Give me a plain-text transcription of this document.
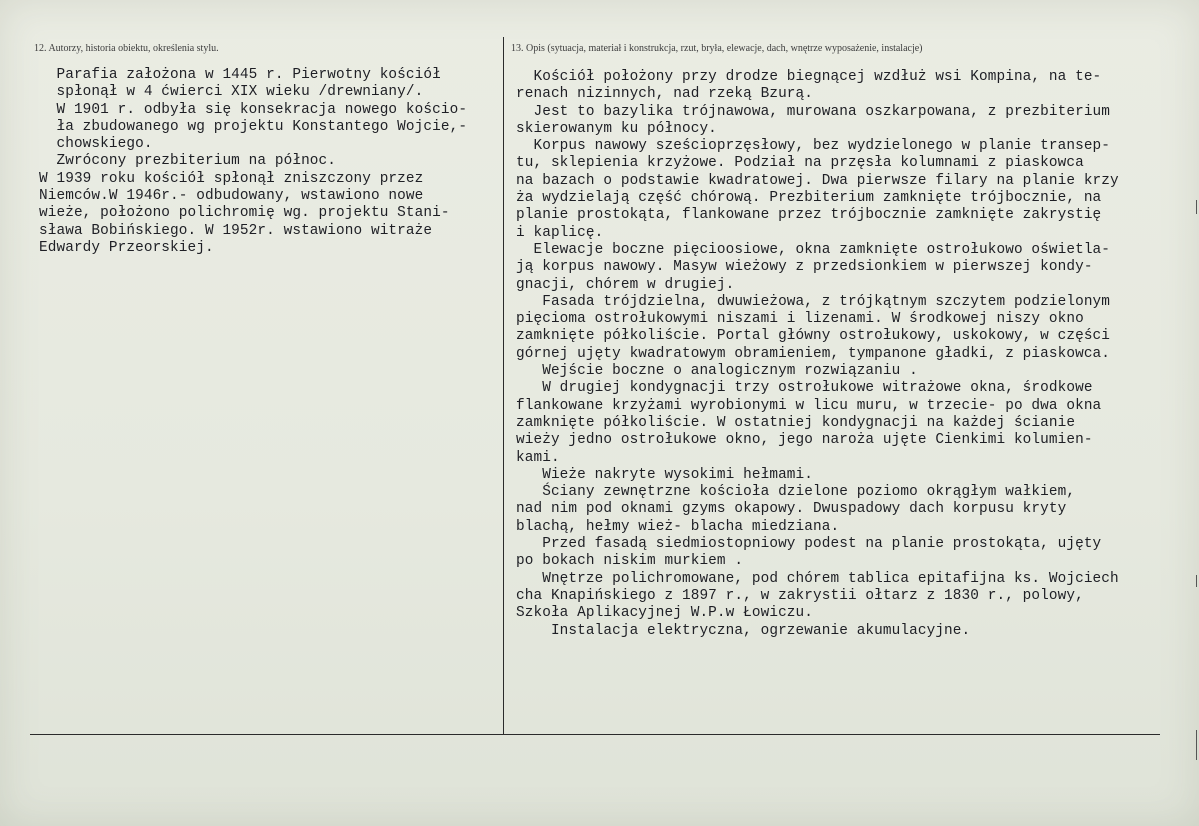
12. Autorzy, historia obiektu, określenia stylu.	13. Opis (sytuacja, materiał i konstrukcja, rzut, bryła, elewacje, dach, wnętrze wyposażenie, instalacje)
Parafia założona w 1445 r. Pierwotny kościół
spłonął w 4 ćwierci XIX wieku /drewniany/.
W 1901 r. odbyła się konsekracja nowego kościo-
ła zbudowanego wg projektu Konstantego Wojcie,-
chowskiego.
Zwrócony prezbiterium na północ.
W 1939 roku kościół spłonął zniszczony przez
Niemców.W 1946r.- odbudowany, wstawiono nowe
wieże, położono polichromię wg. projektu Stani-
sława Bobińskiego. W 1952r. wstawiono witraże
Edwardy Przeorskiej.
Kościół położony przy drodze biegnącej wzdłuż wsi Kompina, na te-
renach nizinnych, nad rzeką Bzurą.
Jest to bazylika trójnawowa, murowana oszkarpowana, z prezbiterium
skierowanym ku północy.
Korpus nawowy sześcioprzęsłowy, bez wydzielonego w planie transep-
tu, sklepienia krzyżowe. Podział na przęsła kolumnami z piaskowca
na bazach o podstawie kwadratowej. Dwa pierwsze filary na planie krzy
ża wydzielają część chórową. Prezbiterium zamknięte trójbocznie, na
planie prostokąta, flankowane przez trójbocznie zamknięte zakrystię
i kaplicę.
Elewacje boczne pięcioosiowe, okna zamknięte ostrołukowo oświetla-
ją korpus nawowy. Masyw wieżowy z przedsionkiem w pierwszej kondy-
gnacji, chórem w drugiej.
Fasada trójdzielna, dwuwieżowa, z trójkątnym szczytem podzielonym
pięcioma ostrołukowymi niszami i lizenami. W środkowej niszy okno
zamknięte półkoliście. Portal główny ostrołukowy, uskokowy, w części
górnej ujęty kwadratowym obramieniem, tympanone gładki, z piaskowca.
Wejście boczne o analogicznym rozwiązaniu .
W drugiej kondygnacji trzy ostrołukowe witrażowe okna, środkowe
flankowane krzyżami wyrobionymi w licu muru, w trzecie- po dwa okna
zamknięte półkoliście. W ostatniej kondygnacji na każdej ścianie
wieży jedno ostrołukowe okno, jego naroża ujęte Cienkimi kolumien-
kami.
Wieże nakryte wysokimi hełmami.
Ściany zewnętrzne kościoła dzielone poziomo okrągłym wałkiem,
nad nim pod oknami gzyms okapowy. Dwuspadowy dach korpusu kryty
blachą, hełmy wież- blacha miedziana.
Przed fasadą siedmiostopniowy podest na planie prostokąta, ujęty
po bokach niskim murkiem .
Wnętrze polichromowane, pod chórem tablica epitafijna ks. Wojciech
cha Knapińskiego z 1897 r., w zakrystii ołtarz z 1830 r., polowy,
Szkoła Aplikacyjnej W.P.w Łowiczu.
Instalacja elektryczna, ogrzewanie akumulacyjne.
